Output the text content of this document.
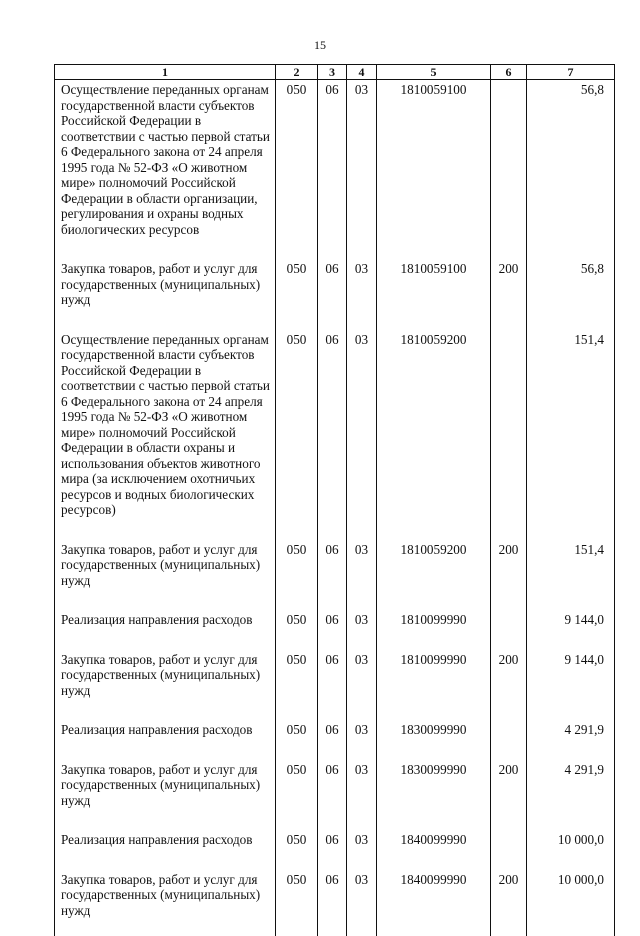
15
1	2	3	4	5	6	7
Осуществление переданных органам государственной власти субъектов Российской Федерации в соответствии с частью первой статьи 6 Федерального закона от 24 апреля 1995 года № 52-ФЗ «О животном мире» полномочий Российской Федерации в области организации, регулирования и охраны водных биологических ресурсов	050	06	03	1810059100		56,8
Закупка товаров, работ и услуг для государственных (муниципальных) нужд	050	06	03	1810059100	200	56,8
Осуществление переданных органам государственной власти субъектов Российской Федерации в соответствии с частью первой статьи 6 Федерального закона от 24 апреля 1995 года № 52-ФЗ «О животном мире» полномочий Российской Федерации в области охраны и использования объектов животного мира (за исключением охотничьих ресурсов и водных биологических ресурсов)	050	06	03	1810059200		151,4
Закупка товаров, работ и услуг для государственных (муниципальных) нужд	050	06	03	1810059200	200	151,4
Реализация направления расходов	050	06	03	1810099990		9 144,0
Закупка товаров, работ и услуг для государственных (муниципальных) нужд	050	06	03	1810099990	200	9 144,0
Реализация направления расходов	050	06	03	1830099990		4 291,9
Закупка товаров, работ и услуг для государственных (муниципальных) нужд	050	06	03	1830099990	200	4 291,9
Реализация направления расходов	050	06	03	1840099990		10 000,0
Закупка товаров, работ и услуг для государственных (муниципальных) нужд	050	06	03	1840099990	200	10 000,0
